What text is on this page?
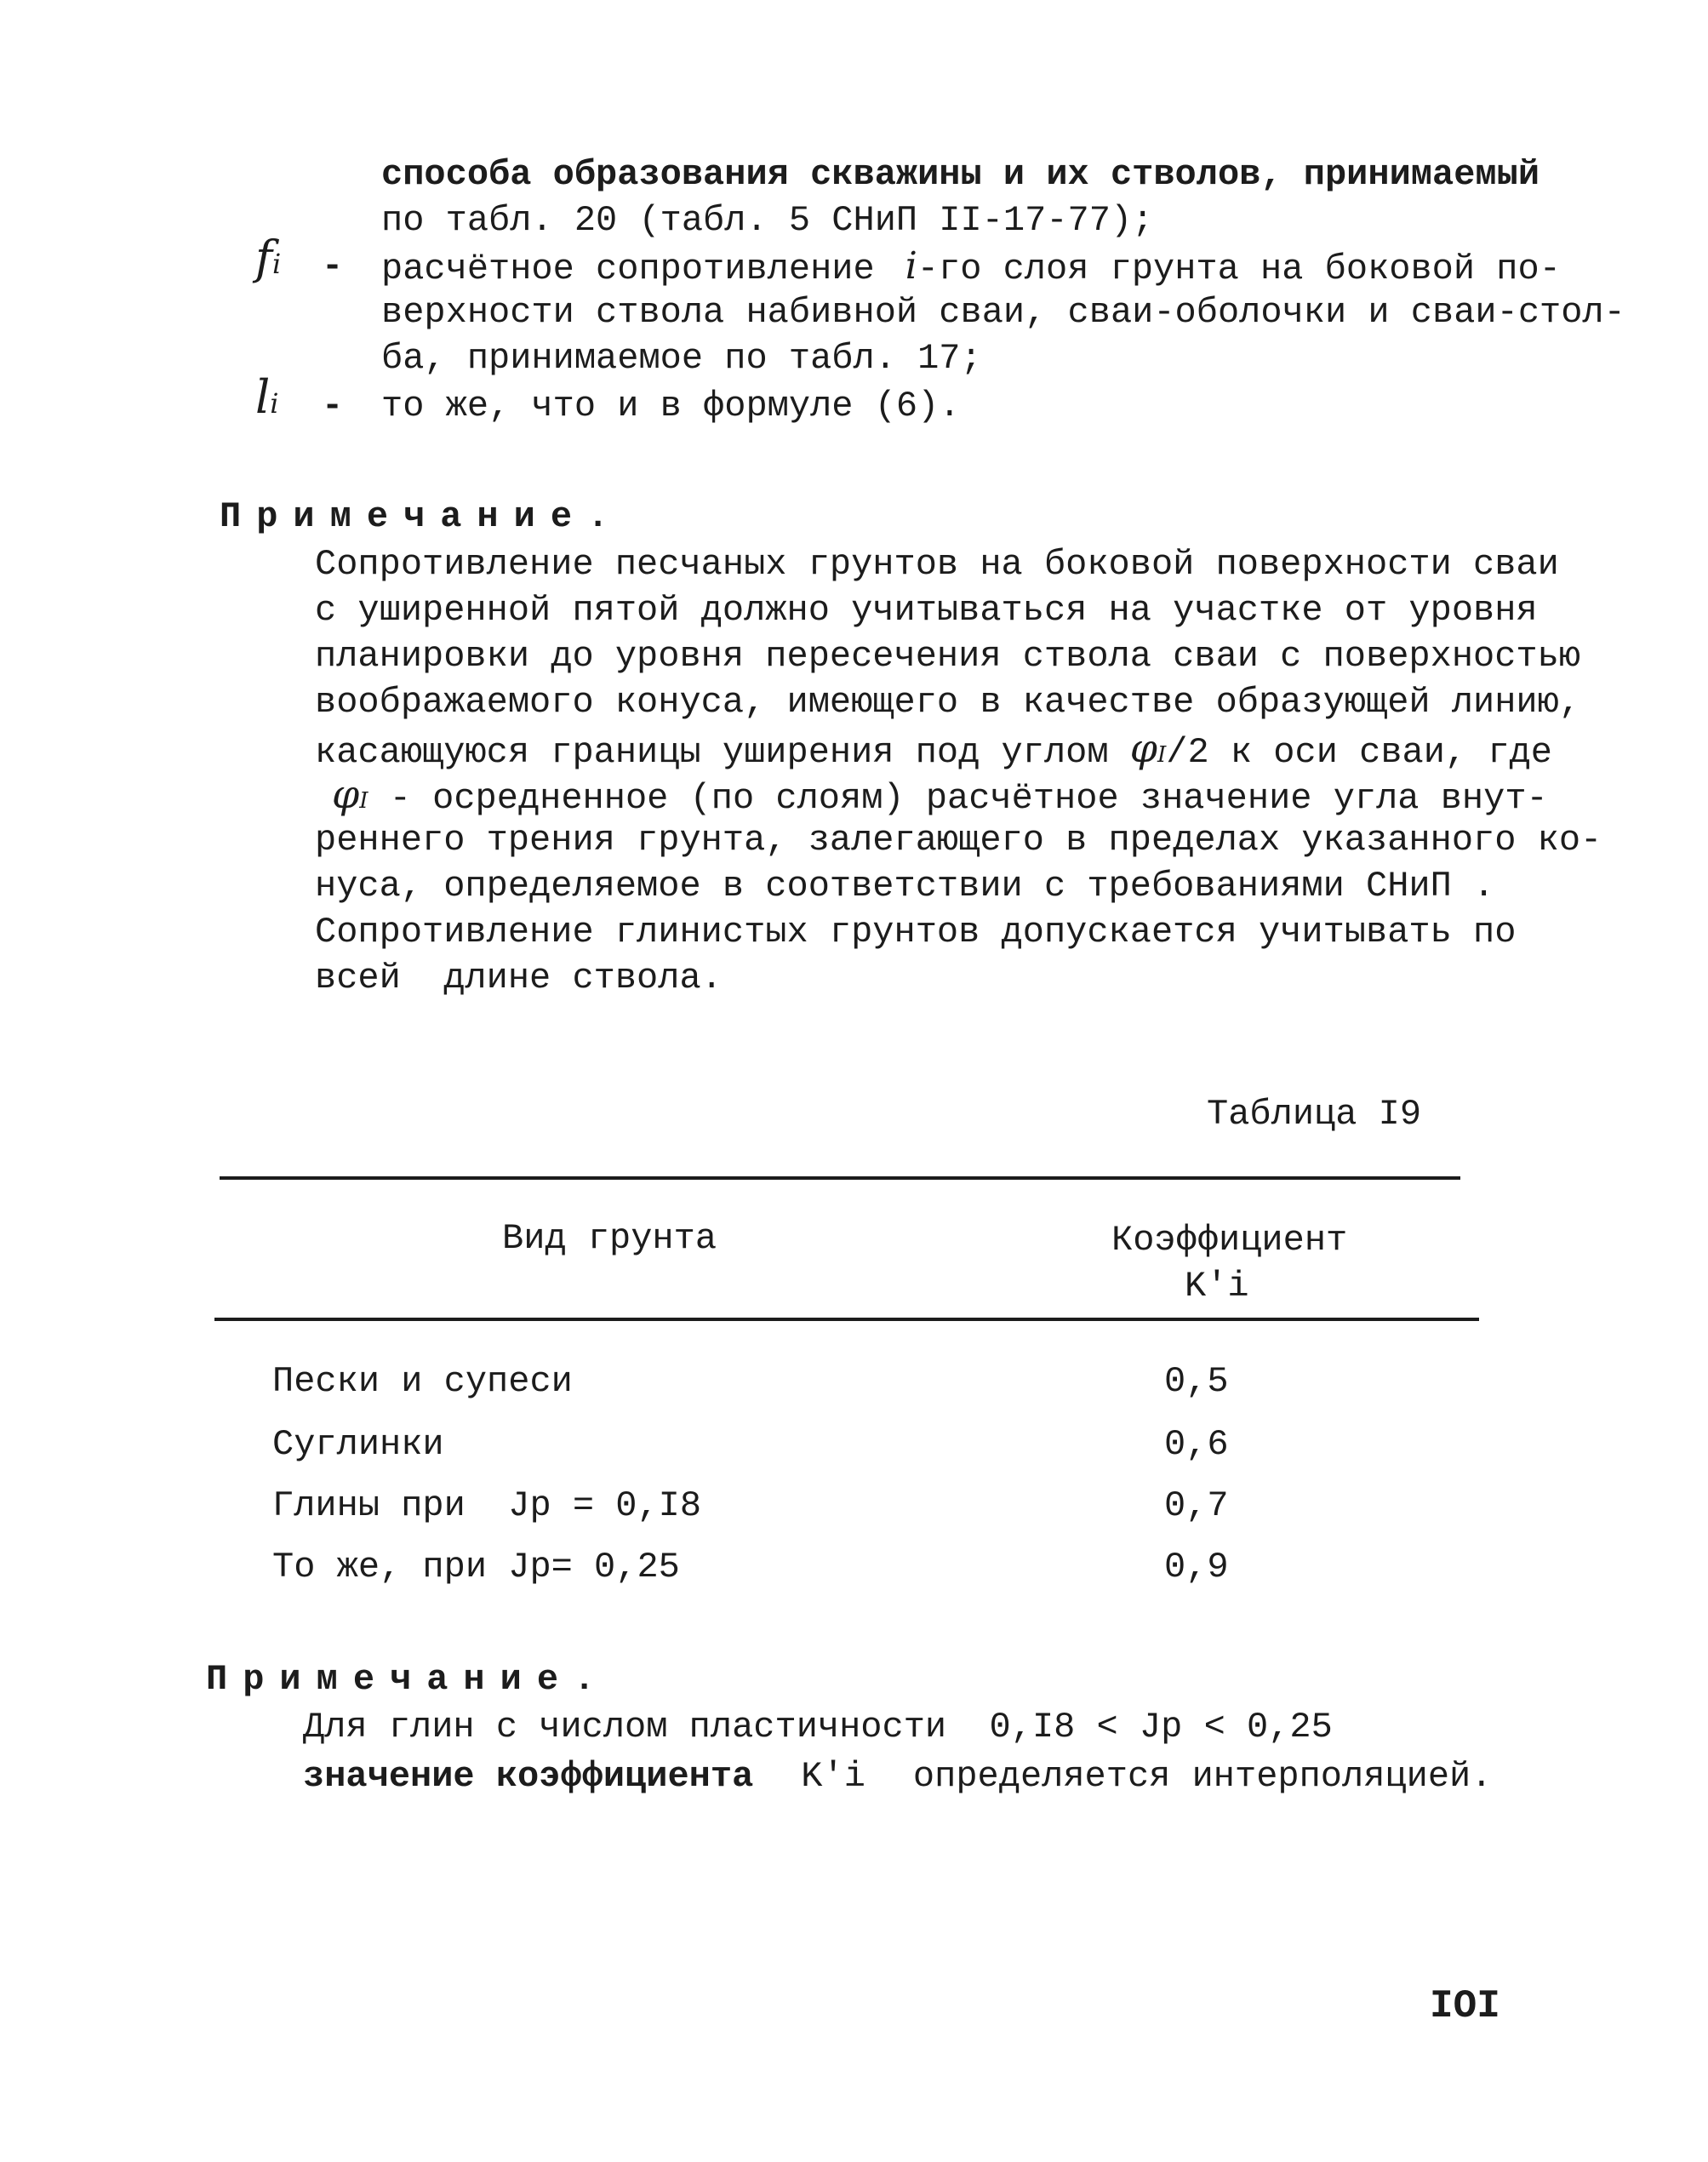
способа образования скважины и их стволов, принимаемый
по табл. 20 (табл. 5 СНиП II-17-77);
fi - расчётное сопротивление i-го слоя грунта на боковой по-
верхности ствола набивной сваи, сваи-оболочки и сваи-стол-
ба, принимаемое по табл. 17;
li - то же, что и в формуле (6).
Примечание.
Сопротивление песчаных грунтов на боковой поверхности сваи
с уширенной пятой должно учитываться на участке от уровня
планировки до уровня пересечения ствола сваи с поверхностью
воображаемого конуса, имеющего в качестве образующей линию,
касающуюся границы уширения под углом φI/2 к оси сваи, где
φI - осредненное (по слоям) расчётное значение угла внут-
реннего трения грунта, залегающего в пределах указанного ко-
нуса, определяемое в соответствии с требованиями СНиП .
Сопротивление глинистых грунтов допускается учитывать по
всей  длине ствола.
Таблица I9
Вид грунта	Коэффициент
K'i
Пески и супеси	0,5
Суглинки	0,6
Глины при  Jp = 0,I8	0,7
То же, при Jp= 0,25	0,9
Примечание.
Для глин с числом пластичности  0,I8 < Jp < 0,25
значение коэффициента K'i определяется интерполяцией.
IOI
